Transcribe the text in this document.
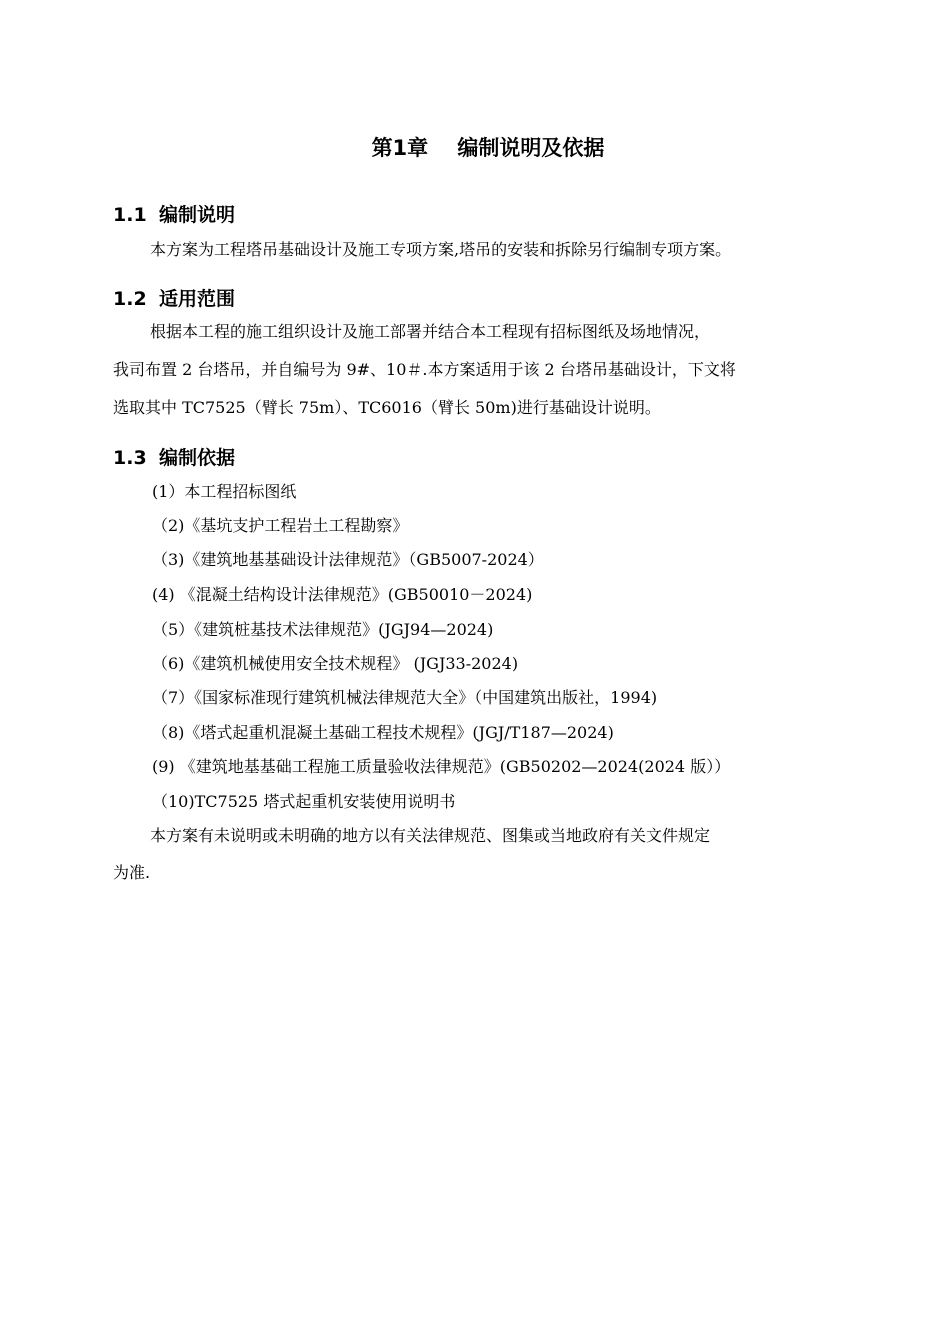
第1章    编制说明及依据
1.1 编制说明
本方案为工程塔吊基础设计及施工专项方案,塔吊的安装和拆除另行编制专项方案。
1.2 适用范围
根据本工程的施工组织设计及施工部署并结合本工程现有招标图纸及场地情况，
我司布置 2 台塔吊，并自编号为 9#、10＃.本方案适用于该 2 台塔吊基础设计，下文将
选取其中 TC7525（臂长 75m）、TC6016（臂长 50m)进行基础设计说明。
1.3 编制依据
(1）本工程招标图纸
（2)《基坑支护工程岩土工程勘察》
（3)《建筑地基基础设计法律规范》（GB5007-2024）
(4) 《混凝土结构设计法律规范》(GB50010－2024)
（5）《建筑桩基技术法律规范》(JGJ94—2024)
（6)《建筑机械使用安全技术规程》 (JGJ33-2024)
（7）《国家标准现行建筑机械法律规范大全》（中国建筑出版社，1994)
（8)《塔式起重机混凝土基础工程技术规程》(JGJ/T187—2024)
(9) 《建筑地基基础工程施工质量验收法律规范》(GB50202—2024(2024 版））
（10)TC7525 塔式起重机安装使用说明书
本方案有未说明或未明确的地方以有关法律规范、图集或当地政府有关文件规定
为准.
